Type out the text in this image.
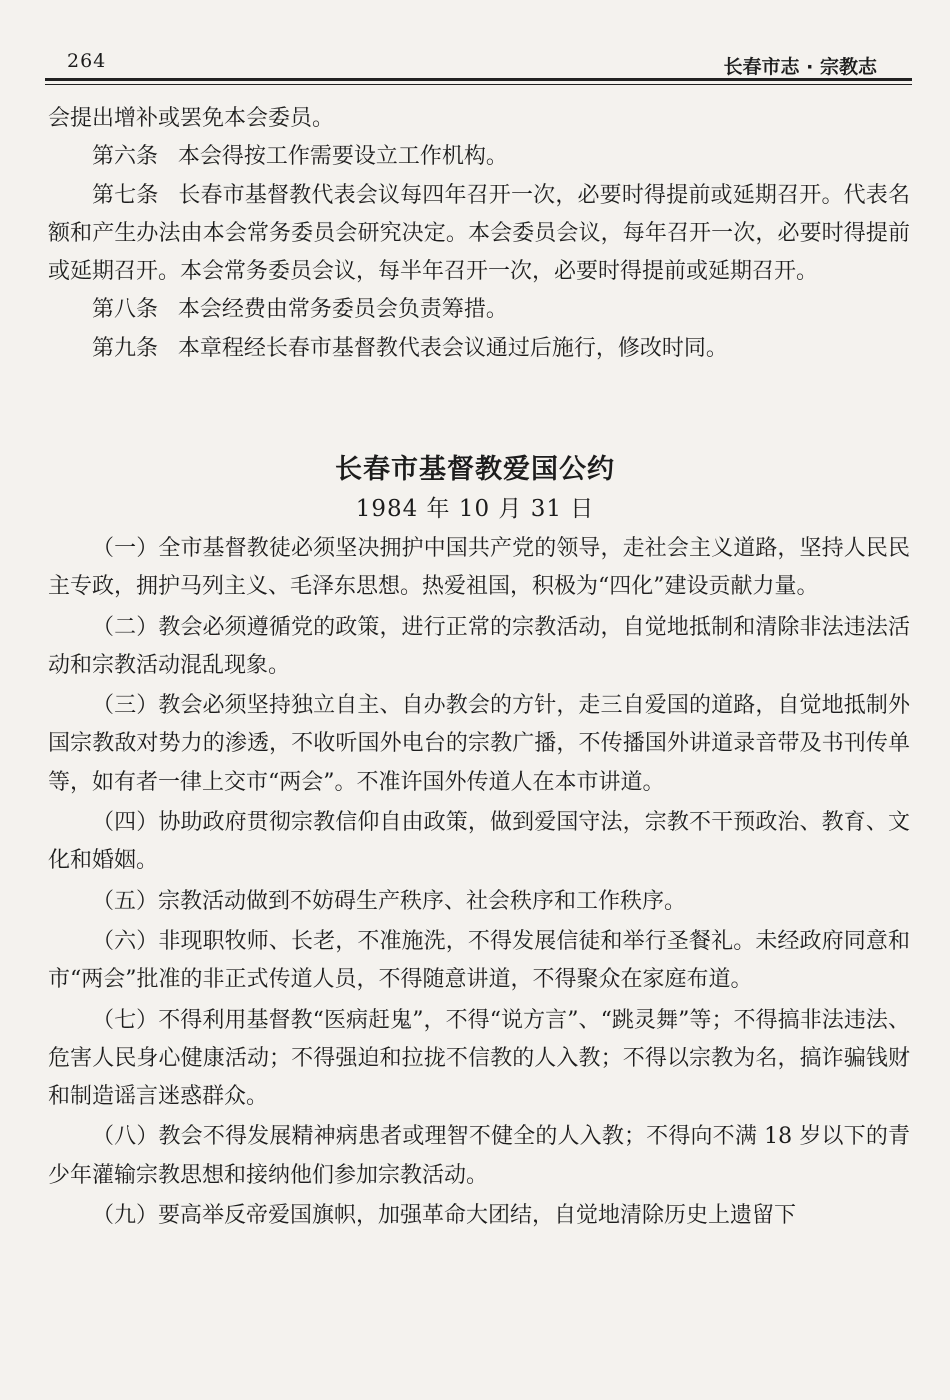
264	长春市志 · 宗教志

会提出增补或罢免本会委员。

第六条 本会得按工作需要设立工作机构。

第七条 长春市基督教代表会议每四年召开一次，必要时得提前或延期召开。代表名额和产生办法由本会常务委员会研究决定。本会委员会议，每年召开一次，必要时得提前或延期召开。本会常务委员会议，每半年召开一次，必要时得提前或延期召开。

第八条 本会经费由常务委员会负责筹措。

第九条 本章程经长春市基督教代表会议通过后施行，修改时同。

长春市基督教爱国公约
1984 年 10 月 31 日

（一）全市基督教徒必须坚决拥护中国共产党的领导，走社会主义道路，坚持人民民主专政，拥护马列主义、毛泽东思想。热爱祖国，积极为“四化”建设贡献力量。

（二）教会必须遵循党的政策，进行正常的宗教活动，自觉地抵制和清除非法违法活动和宗教活动混乱现象。

（三）教会必须坚持独立自主、自办教会的方针，走三自爱国的道路，自觉地抵制外国宗教敌对势力的渗透，不收听国外电台的宗教广播，不传播国外讲道录音带及书刊传单等，如有者一律上交市“两会”。不准许国外传道人在本市讲道。

（四）协助政府贯彻宗教信仰自由政策，做到爱国守法，宗教不干预政治、教育、文化和婚姻。

（五）宗教活动做到不妨碍生产秩序、社会秩序和工作秩序。

（六）非现职牧师、长老，不准施洗，不得发展信徒和举行圣餐礼。未经政府同意和市“两会”批准的非正式传道人员，不得随意讲道，不得聚众在家庭布道。

（七）不得利用基督教“医病赶鬼”，不得“说方言”、“跳灵舞”等；不得搞非法违法、危害人民身心健康活动；不得强迫和拉拢不信教的人入教；不得以宗教为名，搞诈骗钱财和制造谣言迷惑群众。

（八）教会不得发展精神病患者或理智不健全的人入教；不得向不满 18 岁以下的青少年灌输宗教思想和接纳他们参加宗教活动。

（九）要高举反帝爱国旗帜，加强革命大团结，自觉地清除历史上遗留下
